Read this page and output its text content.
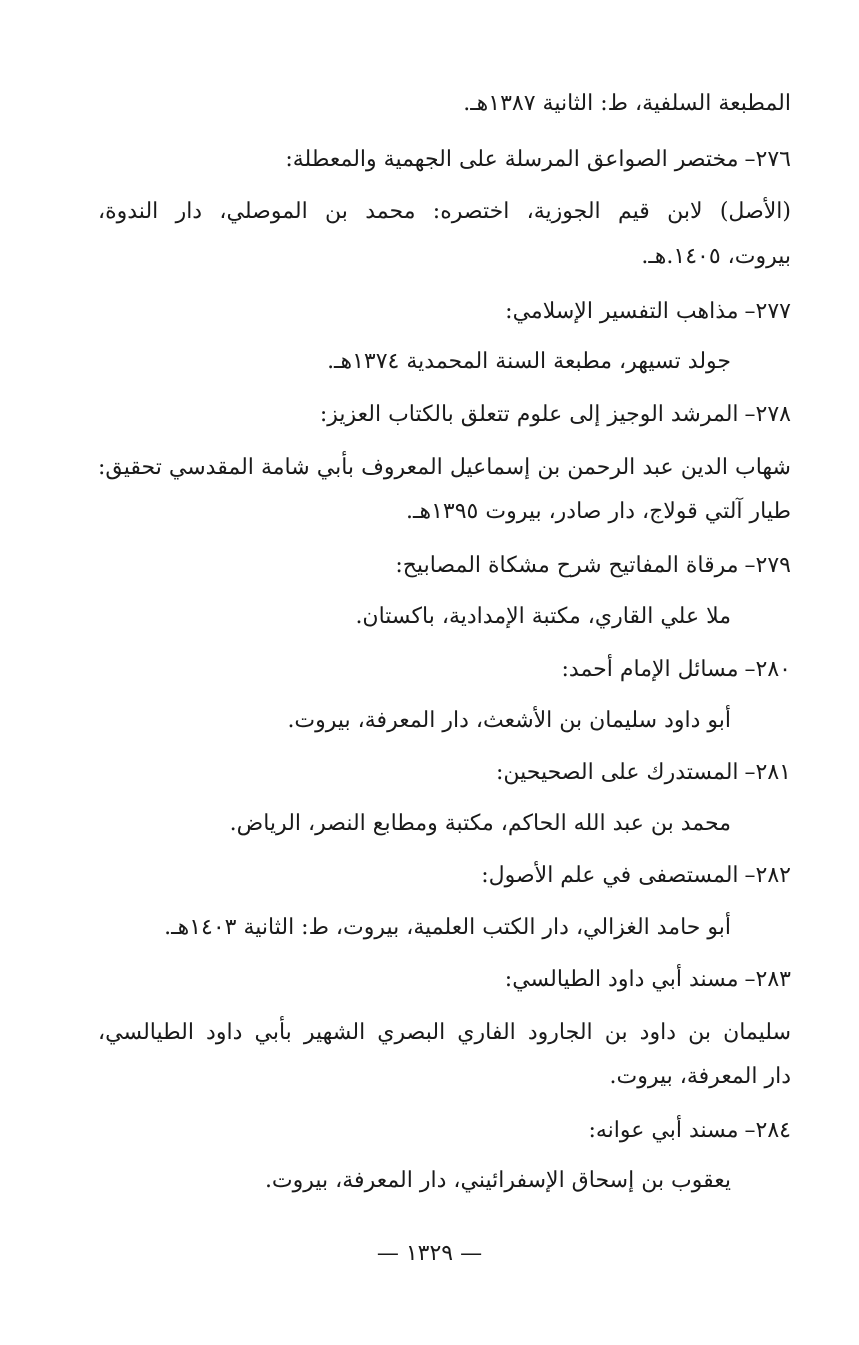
المطبعة السلفية، ط: الثانية ١٣٨٧هـ.
٢٧٦–مختصر الصواعق المرسلة على الجهمية والمعطلة:
(الأصل) لابن قيم الجوزية، اختصره: محمد بن الموصلي، دار الندوة،
بيروت، ١٤٠٥.هـ.
٢٧٧–مذاهب التفسير الإسلامي:
جولد تسيهر، مطبعة السنة المحمدية ١٣٧٤هـ.
٢٧٨–المرشد الوجيز إلى علوم تتعلق بالكتاب العزيز:
شهاب الدين عبد الرحمن بن إسماعيل المعروف بأبي شامة المقدسي تحقيق:
طيار آلتي قولاج، دار صادر، بيروت ١٣٩٥هـ.
٢٧٩–مرقاة المفاتيح شرح مشكاة المصابيح:
ملا علي القاري، مكتبة الإمدادية، باكستان.
٢٨٠–مسائل الإمام أحمد:
أبو داود سليمان بن الأشعث، دار المعرفة، بيروت.
٢٨١–المستدرك على الصحيحين:
محمد بن عبد الله الحاكم، مكتبة ومطابع النصر، الرياض.
٢٨٢–المستصفى في علم الأصول:
أبو حامد الغزالي، دار الكتب العلمية، بيروت، ط: الثانية ١٤٠٣هـ.
٢٨٣–مسند أبي داود الطيالسي:
سليمان بن داود بن الجارود الفاري البصري الشهير بأبي داود الطيالسي،
دار المعرفة، بيروت.
٢٨٤–مسند أبي عوانه:
يعقوب بن إسحاق الإسفرائيني، دار المعرفة، بيروت.
— ١٣٢٩ —
